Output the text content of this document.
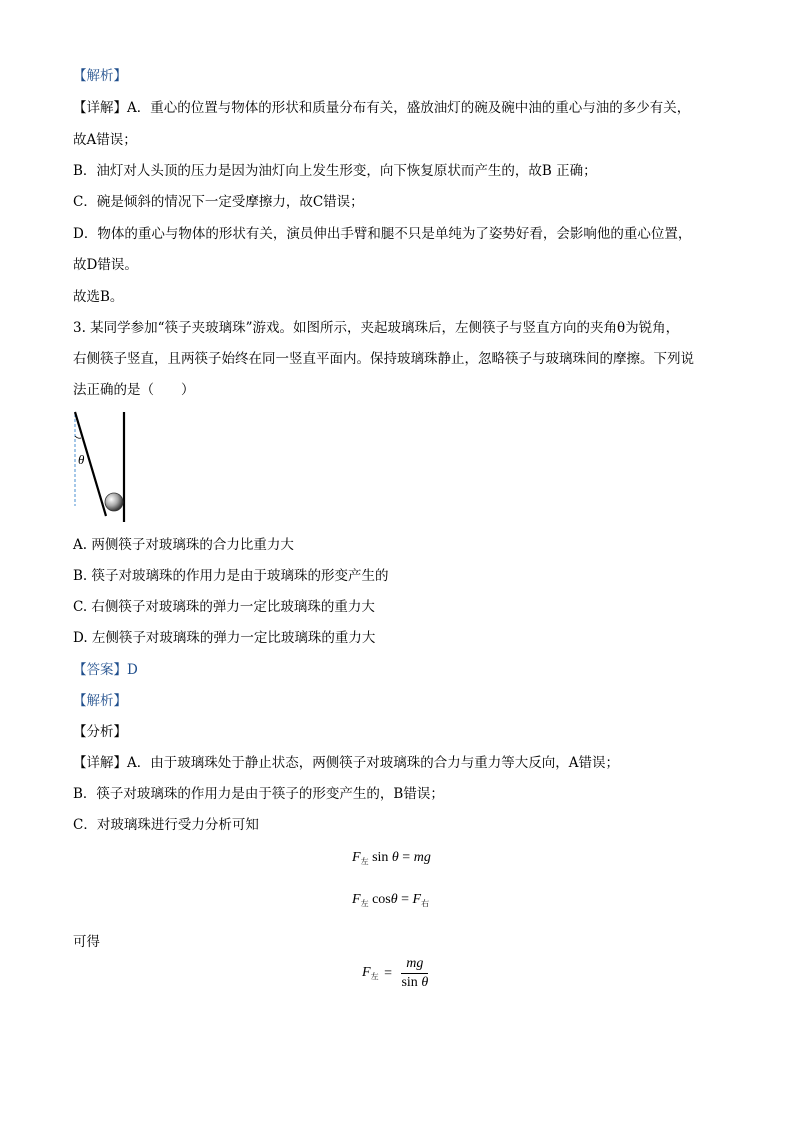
【解析】
【详解】A．重心的位置与物体的形状和质量分布有关，盛放油灯的碗及碗中油的重心与油的多少有关，
故A错误；
B．油灯对人头顶的压力是因为油灯向上发生形变，向下恢复原状而产生的，故B 正确；
C．碗是倾斜的情况下一定受摩擦力，故C错误；
D．物体的重心与物体的形状有关，演员伸出手臂和腿不只是单纯为了姿势好看，会影响他的重心位置，
故D错误。
故选B。
3. 某同学参加“筷子夹玻璃珠”游戏。如图所示，夹起玻璃珠后，左侧筷子与竖直方向的夹角θ为锐角，
右侧筷子竖直，且两筷子始终在同一竖直平面内。保持玻璃珠静止，忽略筷子与玻璃珠间的摩擦。下列说
法正确的是（　　）
θ
A. 两侧筷子对玻璃珠的合力比重力大
B. 筷子对玻璃珠的作用力是由于玻璃珠的形变产生的
C. 右侧筷子对玻璃珠的弹力一定比玻璃珠的重力大
D. 左侧筷子对玻璃珠的弹力一定比玻璃珠的重力大
【答案】D
【解析】
【分析】
【详解】A．由于玻璃珠处于静止状态，两侧筷子对玻璃珠的合力与重力等大反向，A错误；
B．筷子对玻璃珠的作用力是由于筷子的形变产生的，B错误；
C．对玻璃珠进行受力分析可知
$F_左$ sin θ = mg
$F_左$ $\cos\theta = F_右$
可得
$F_左 = \frac{mg}{\text{sin θ}}$
